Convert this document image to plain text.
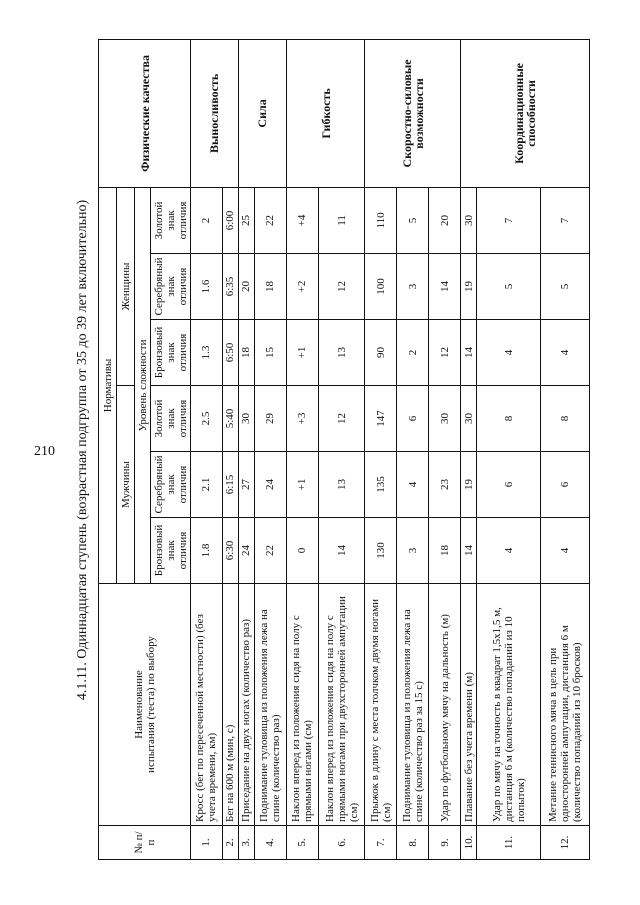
210	4.1.11. Одиннадцатая ступень (возрастная подгруппа от 35 до 39 лет включительно)
№ п/п	Наименование
испытания (теста) по выбору	Нормативы						Физические качества
		Мужчины			Женщины			
		Уровень сложности						
		Бронзовый знак отличия	Серебряный знак отличия	Золотой знак отличия	Бронзовый знак отличия	Серебряный знак отличия	Золотой знак отличия	
1.	Кросс (бег по пересеченной местности) (без учета времени, км)	1.8	2.1	2.5	1.3	1.6	2	Выносливость
2.	Бег на 600 м (мин, с)	6:30	6:15	5:40	6:50	6:35	6:00	
3.	Приседание на двух ногах (количество раз)	24	27	30	18	20	25	Сила
4.	Поднимание туловища из положения лежа на спине (количество раз)	22	24	29	15	18	22	
5.	Наклон вперед из положения сидя на полу с прямыми ногами (см)	0	+1	+3	+1	+2	+4	Гибкость
6.	Наклон вперед из положения сидя на полу с прямыми ногами при двухсторонней ампутации (см)	14	13	12	13	12	11	
7.	Прыжок в длину с места толчком двумя ногами (см)	130	135	147	90	100	110	Скоростно-силовые возможности
8.	Поднимание туловища из положения лежа на спине (количество раз за 15 с)	3	4	6	2	3	5	
9.	Удар по футбольному мячу на дальность (м)	18	23	30	12	14	20	
10.	Плавание без учета времени (м)	14	19	30	14	19	30	Координационные способности
11.	Удар по мячу на точность в квадрат 1,5x1,5 м, дистанция 6 м (количество попаданий из 10 попыток)	4	6	8	4	5	7	
12.	Метание теннисного мяча в цель при односторонней ампутации, дистанция 6 м (количество попаданий из 10 бросков)	4	6	8	4	5	7	
